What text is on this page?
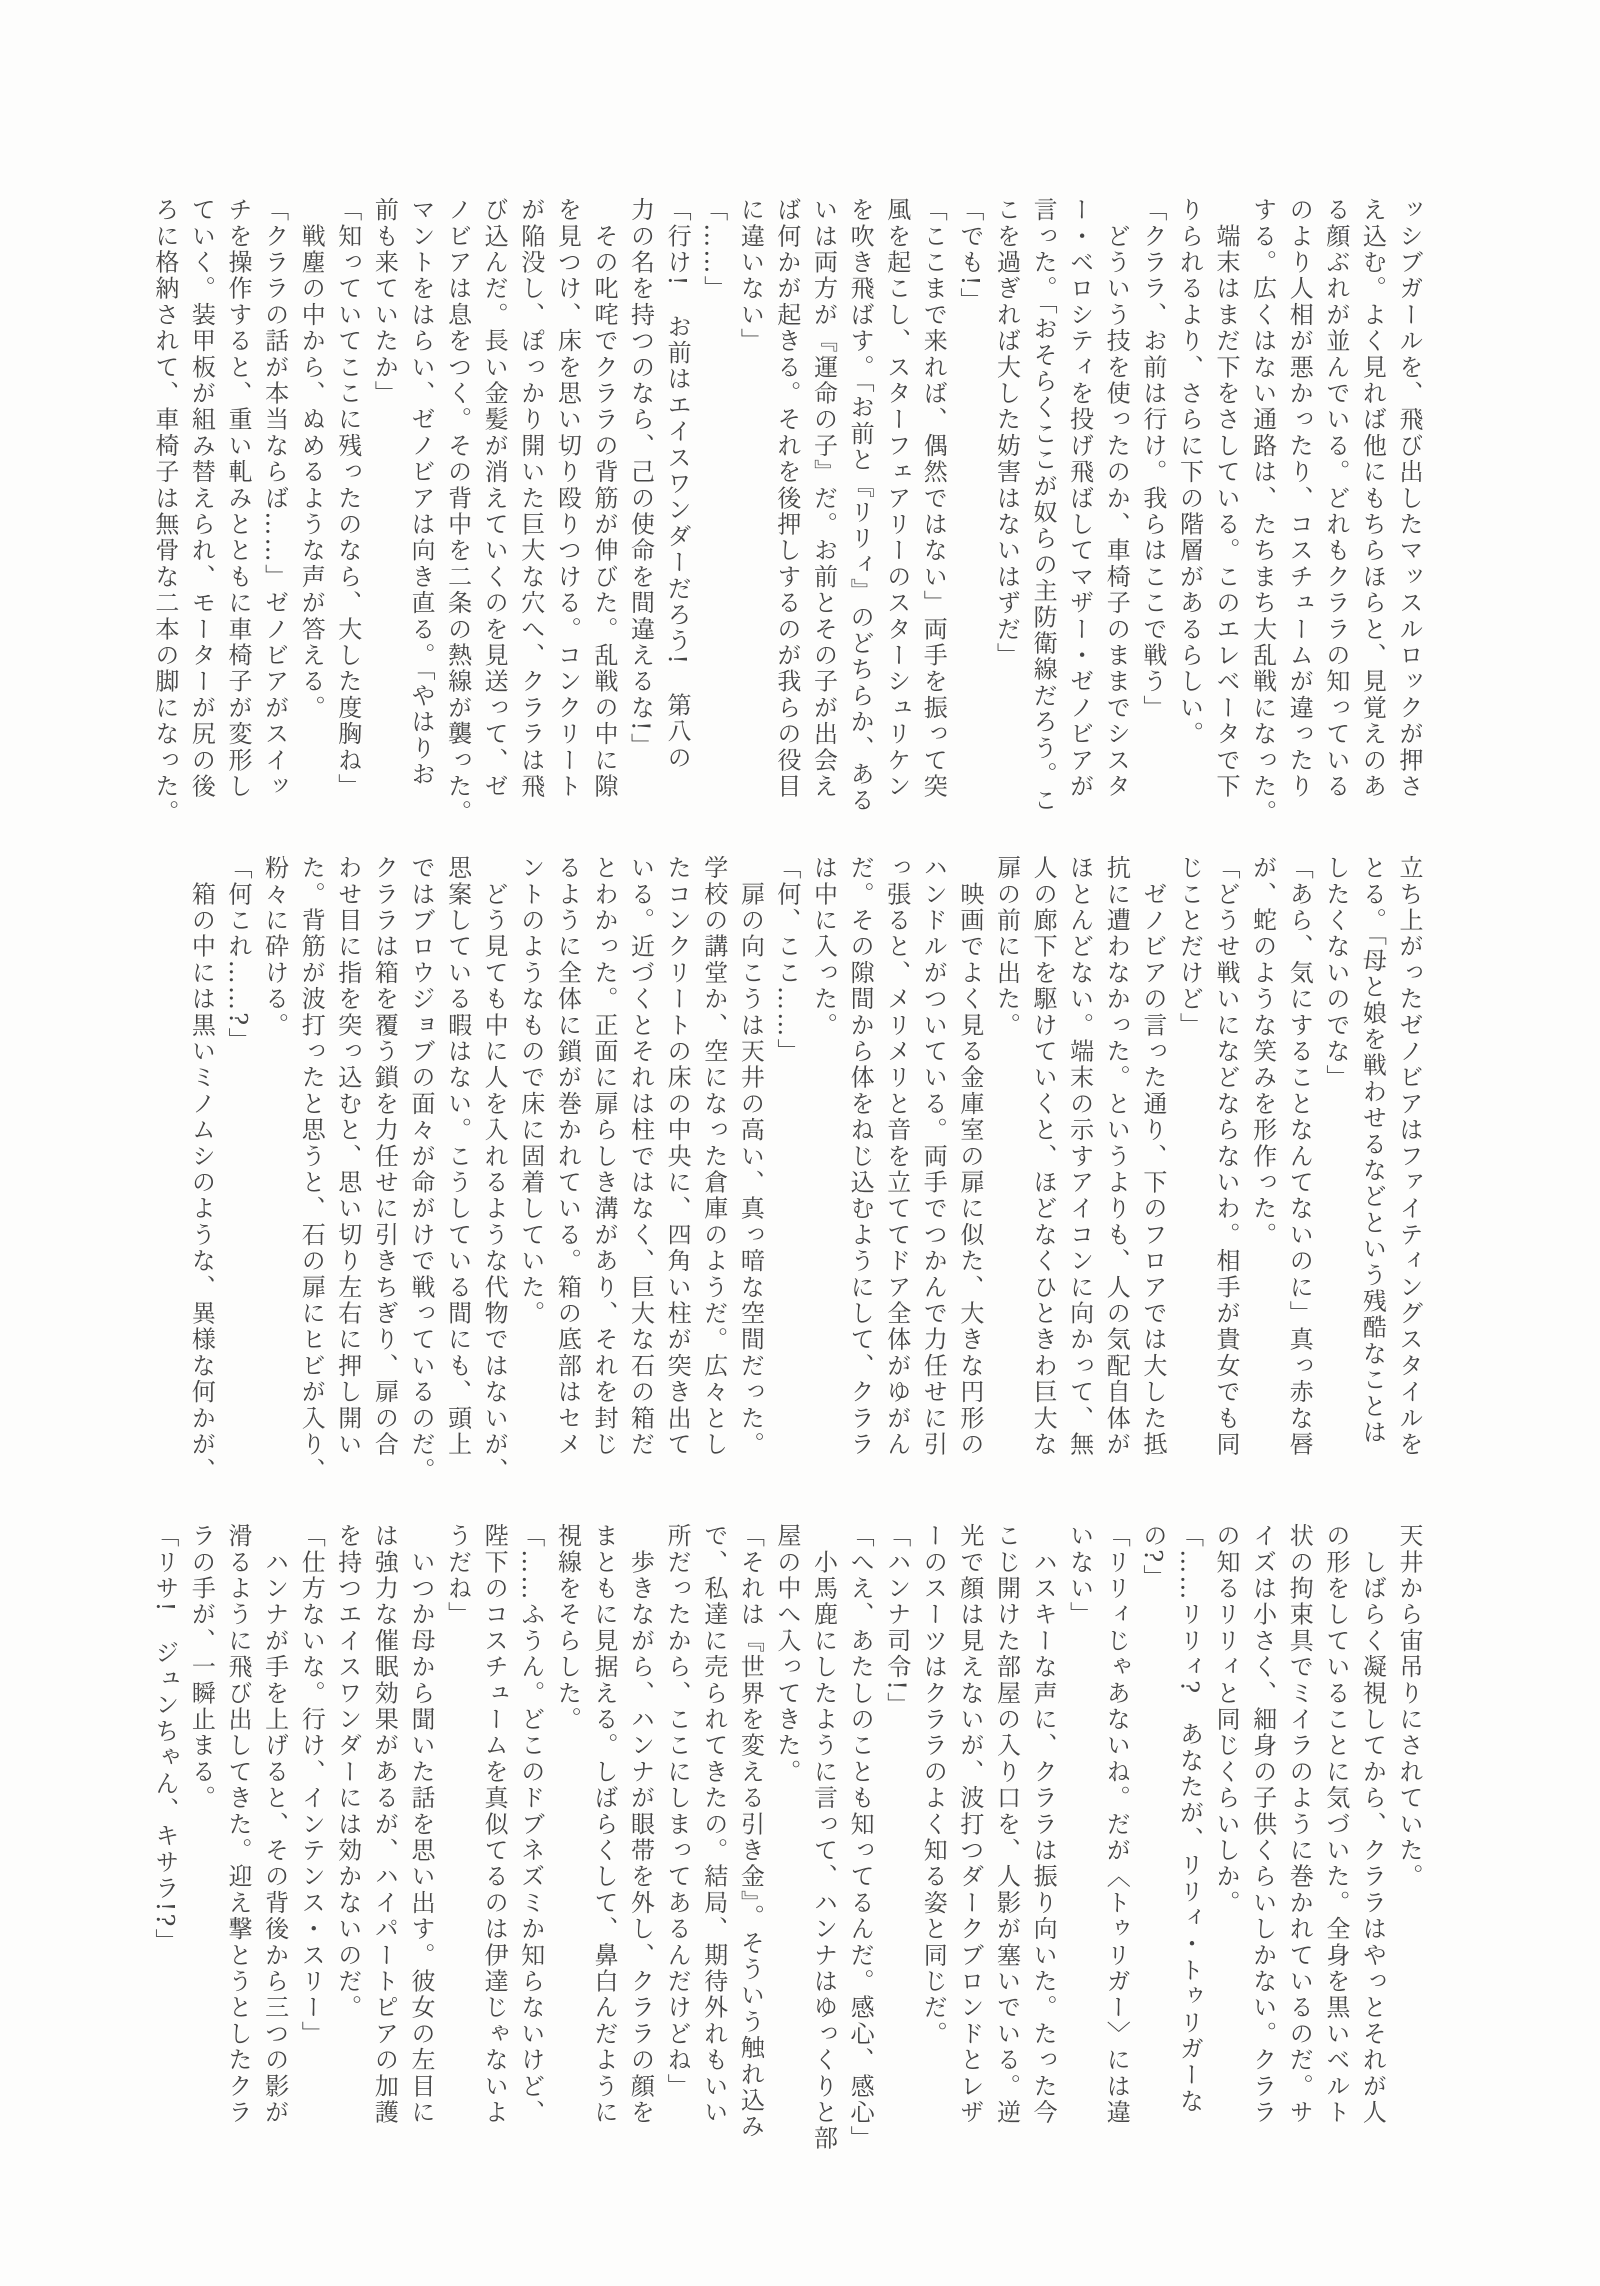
ッシブガールを、飛び出したマッスルロックが押さ
え込む。よく見れば他にもちらほらと、見覚えのあ
る顔ぶれが並んでいる。どれもクララの知っている
のより人相が悪かったり、コスチュームが違ったり
する。広くはない通路は、たちまち大乱戦になった。
　端末はまだ下をさしている。このエレベータで下
りられるより、さらに下の階層があるらしい。
「クララ、お前は行け。我らはここで戦う」
　どういう技を使ったのか、車椅子のままでシスタ
ー・ベロシティを投げ飛ばしてマザー・ゼノビアが
言った。「おそらくここが奴らの主防衛線だろう。こ
こを過ぎれば大した妨害はないはずだ」
「でも!」
「ここまで来れば、偶然ではない」両手を振って突
風を起こし、スターフェアリーのスターシュリケン
を吹き飛ばす。「お前と『リリィ』のどちらか、ある
いは両方が『運命の子』だ。お前とその子が出会え
ば何かが起きる。それを後押しするのが我らの役目
に違いない」
「……」
「行け!　お前はエイスワンダーだろう!　第八の
力の名を持つのなら、己の使命を間違えるな!」
　その叱咤でクララの背筋が伸びた。乱戦の中に隙
を見つけ、床を思い切り殴りつける。コンクリート
が陥没し、ぽっかり開いた巨大な穴へ、クララは飛
び込んだ。長い金髪が消えていくのを見送って、ゼ
ノビアは息をつく。その背中を二条の熱線が襲った。
マントをはらい、ゼノビアは向き直る。「やはりお
前も来ていたか」
「知っていてここに残ったのなら、大した度胸ね」
　戦塵の中から、ぬめるような声が答える。
「クララの話が本当ならば……」ゼノビアがスイッ
チを操作すると、重い軋みとともに車椅子が変形し
ていく。装甲板が組み替えられ、モーターが尻の後
ろに格納されて、車椅子は無骨な二本の脚になった。
立ち上がったゼノビアはファイティングスタイルを
とる。「母と娘を戦わせるなどという残酷なことは
したくないのでな」
「あら、気にすることなんてないのに」真っ赤な唇
が、蛇のような笑みを形作った。
「どうせ戦いになどならないわ。相手が貴女でも同
じことだけど」
　ゼノビアの言った通り、下のフロアでは大した抵
抗に遭わなかった。というよりも、人の気配自体が
ほとんどない。端末の示すアイコンに向かって、無
人の廊下を駆けていくと、ほどなくひときわ巨大な
扉の前に出た。
　映画でよく見る金庫室の扉に似た、大きな円形の
ハンドルがついている。両手でつかんで力任せに引
っ張ると、メリメリと音を立ててドア全体がゆがん
だ。その隙間から体をねじ込むようにして、クララ
は中に入った。
「何、ここ……」
　扉の向こうは天井の高い、真っ暗な空間だった。
学校の講堂か、空になった倉庫のようだ。広々とし
たコンクリートの床の中央に、四角い柱が突き出て
いる。近づくとそれは柱ではなく、巨大な石の箱だ
とわかった。正面に扉らしき溝があり、それを封じ
るように全体に鎖が巻かれている。箱の底部はセメ
ントのようなもので床に固着していた。
　どう見ても中に人を入れるような代物ではないが、
思案している暇はない。こうしている間にも、頭上
ではブロウジョブの面々が命がけで戦っているのだ。
クララは箱を覆う鎖を力任せに引きちぎり、扉の合
わせ目に指を突っ込むと、思い切り左右に押し開い
た。背筋が波打ったと思うと、石の扉にヒビが入り、
粉々に砕ける。
「何これ……?」
　箱の中には黒いミノムシのような、異様な何かが、
天井から宙吊りにされていた。
　しばらく凝視してから、クララはやっとそれが人
の形をしていることに気づいた。全身を黒いベルト
状の拘束具でミイラのように巻かれているのだ。サ
イズは小さく、細身の子供くらいしかない。クララ
の知るリリィと同じくらいしか。
「……リリィ?　あなたが、リリィ・トゥリガーな
の?」
「リリィじゃあないね。だが〈トゥリガー〉には違
いない」
　ハスキーな声に、クララは振り向いた。たった今
こじ開けた部屋の入り口を、人影が塞いでいる。逆
光で顔は見えないが、波打つダークブロンドとレザ
ーのスーツはクララのよく知る姿と同じだ。
「ハンナ司令!」
「へえ、あたしのことも知ってるんだ。感心、感心」
　小馬鹿にしたように言って、ハンナはゆっくりと部
屋の中へ入ってきた。
「それは『世界を変える引き金』。そういう触れ込み
で、私達に売られてきたの。結局、期待外れもいい
所だったから、ここにしまってあるんだけどね」
　歩きながら、ハンナが眼帯を外し、クララの顔を
まともに見据える。しばらくして、鼻白んだように
視線をそらした。
「……ふうん。どこのドブネズミか知らないけど、
陛下のコスチュームを真似てるのは伊達じゃないよ
うだね」
　いつか母から聞いた話を思い出す。彼女の左目に
は強力な催眠効果があるが、ハイパートピアの加護
を持つエイスワンダーには効かないのだ。
「仕方ないな。行け、インテンス・スリー」
　ハンナが手を上げると、その背後から三つの影が
滑るように飛び出してきた。迎え撃とうとしたクラ
ラの手が、一瞬止まる。
「リサ!　ジュンちゃん、キサラ!?」
